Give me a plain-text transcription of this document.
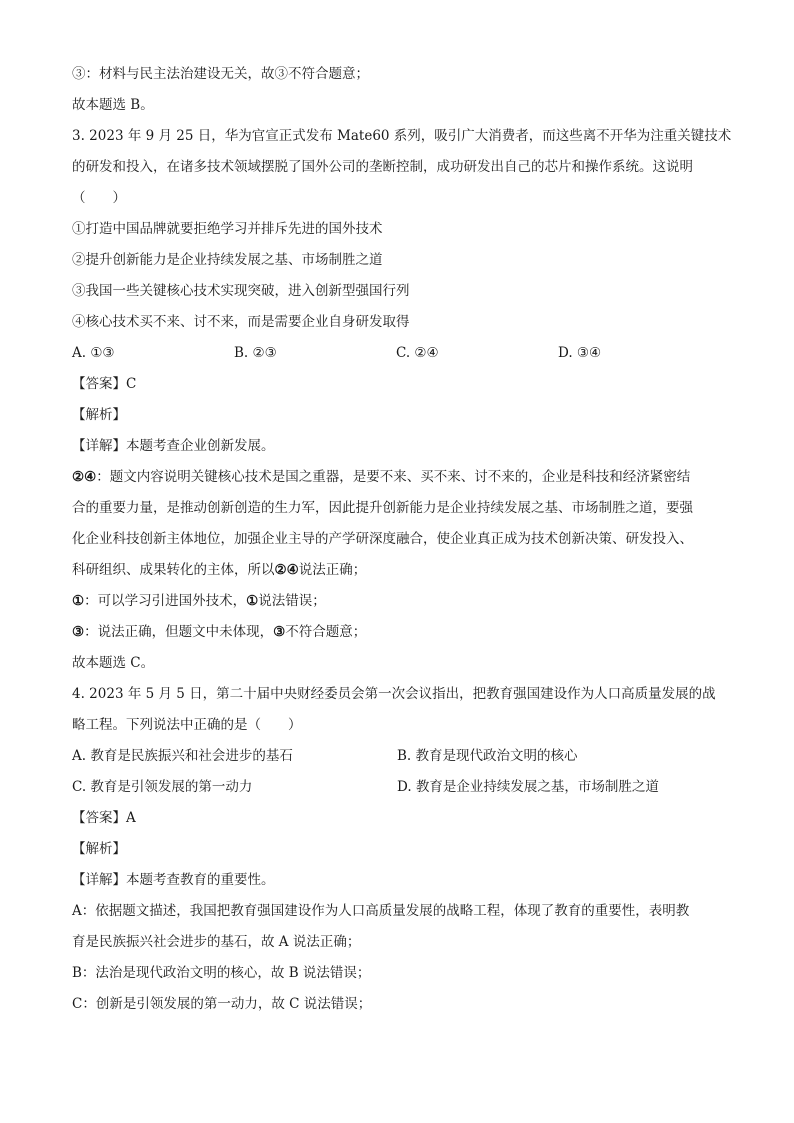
③：材料与民主法治建设无关，故③不符合题意；
故本题选 B。
3. 2023 年 9 月 25 日，华为官宣正式发布 Mate60 系列，吸引广大消费者，而这些离不开华为注重关键技术
的研发和投入，在诸多技术领域摆脱了国外公司的垄断控制，成功研发出自己的芯片和操作系统。这说明
（　　）
①打造中国品牌就要拒绝学习并排斥先进的国外技术
②提升创新能力是企业持续发展之基、市场制胜之道
③我国一些关键核心技术实现突破，进入创新型强国行列
④核心技术买不来、讨不来，而是需要企业自身研发取得
A. ①③	B. ②③	C. ②④	D. ③④
【答案】C
【解析】
【详解】本题考查企业创新发展。
②④：题文内容说明关键核心技术是国之重器，是要不来、买不来、讨不来的，企业是科技和经济紧密结
合的重要力量，是推动创新创造的生力军，因此提升创新能力是企业持续发展之基、市场制胜之道，要强
化企业科技创新主体地位，加强企业主导的产学研深度融合，使企业真正成为技术创新决策、研发投入、
科研组织、成果转化的主体，所以②④说法正确；
①：可以学习引进国外技术，①说法错误；
③：说法正确，但题文中未体现，③不符合题意；
故本题选 C。
4. 2023 年 5 月 5 日，第二十届中央财经委员会第一次会议指出，把教育强国建设作为人口高质量发展的战
略工程。下列说法中正确的是（　　）
A. 教育是民族振兴和社会进步的基石	B. 教育是现代政治文明的核心
C. 教育是引领发展的第一动力	D. 教育是企业持续发展之基，市场制胜之道
【答案】A
【解析】
【详解】本题考查教育的重要性。
A：依据题文描述，我国把教育强国建设作为人口高质量发展的战略工程，体现了教育的重要性，表明教
育是民族振兴社会进步的基石，故 A 说法正确；
B：法治是现代政治文明的核心，故 B 说法错误；
C：创新是引领发展的第一动力，故 C 说法错误；
